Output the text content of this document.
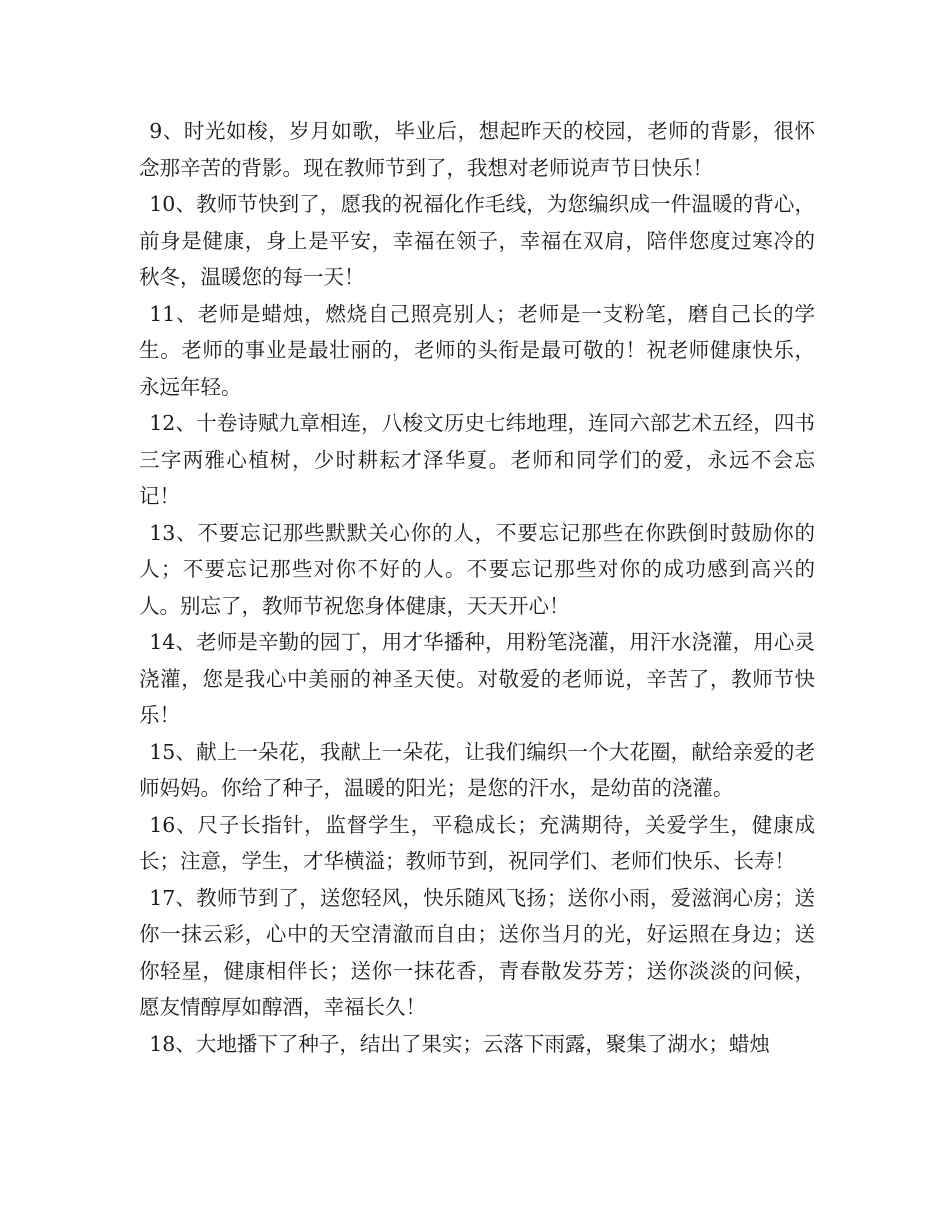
9、时光如梭，岁月如歌，毕业后，想起昨天的校园，老师的背影，很怀念那辛苦的背影。现在教师节到了，我想对老师说声节日快乐！

10、教师节快到了，愿我的祝福化作毛线，为您编织成一件温暖的背心，前身是健康，身上是平安，幸福在领子，幸福在双肩，陪伴您度过寒冷的秋冬，温暖您的每一天！

11、老师是蜡烛，燃烧自己照亮别人；老师是一支粉笔，磨自己长的学生。老师的事业是最壮丽的，老师的头衔是最可敬的！祝老师健康快乐，永远年轻。

12、十卷诗赋九章相连，八梭文历史七纬地理，连同六部艺术五经，四书三字两雅心植树，少时耕耘才泽华夏。老师和同学们的爱，永远不会忘记！

13、不要忘记那些默默关心你的人，不要忘记那些在你跌倒时鼓励你的人；不要忘记那些对你不好的人。不要忘记那些对你的成功感到高兴的人。别忘了，教师节祝您身体健康，天天开心！

14、老师是辛勤的园丁，用才华播种，用粉笔浇灌，用汗水浇灌，用心灵浇灌，您是我心中美丽的神圣天使。对敬爱的老师说，辛苦了，教师节快乐！

15、献上一朵花，我献上一朵花，让我们编织一个大花圈，献给亲爱的老师妈妈。你给了种子，温暖的阳光；是您的汗水，是幼苗的浇灌。

16、尺子长指针，监督学生，平稳成长；充满期待，关爱学生，健康成长；注意，学生，才华横溢；教师节到，祝同学们、老师们快乐、长寿！

17、教师节到了，送您轻风，快乐随风飞扬；送你小雨，爱滋润心房；送你一抹云彩，心中的天空清澈而自由；送你当月的光，好运照在身边；送你轻星，健康相伴长；送你一抹花香，青春散发芬芳；送你淡淡的问候，愿友情醇厚如醇酒，幸福长久！

18、大地播下了种子，结出了果实；云落下雨露，聚集了湖水；蜡烛
